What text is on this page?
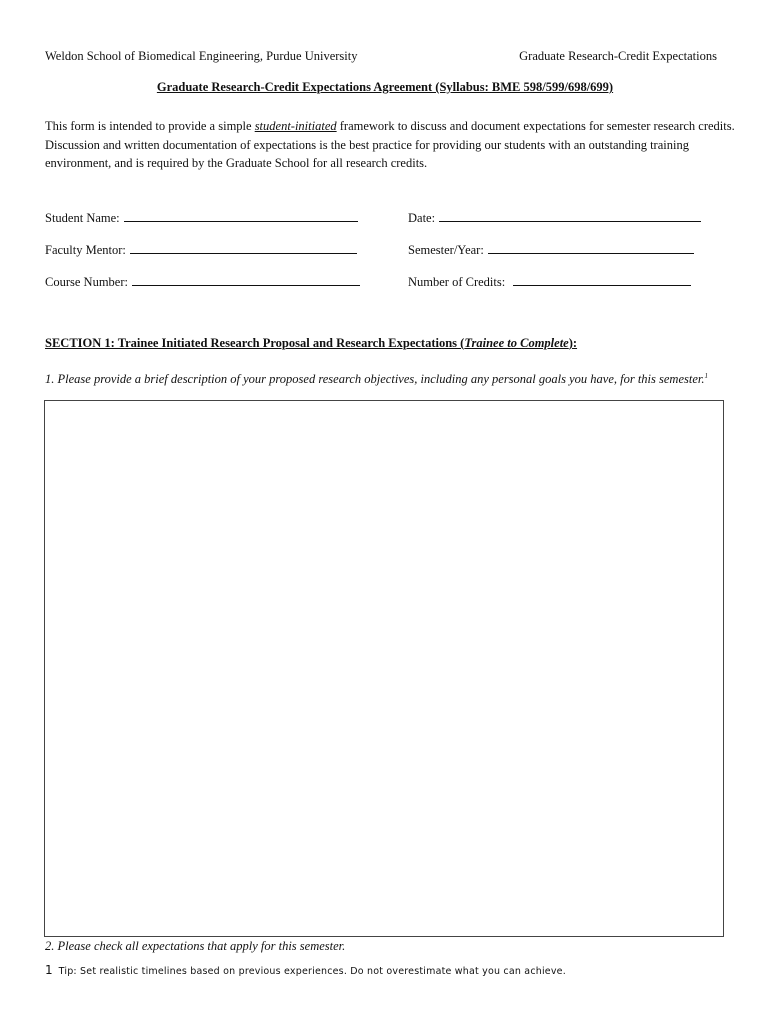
Weldon School of Biomedical Engineering, Purdue University	Graduate Research-Credit Expectations
Graduate Research-Credit Expectations Agreement (Syllabus: BME 598/599/698/699)
This form is intended to provide a simple student-initiated framework to discuss and document expectations for semester research credits. Discussion and written documentation of expectations is the best practice for providing our students with an outstanding training environment, and is required by the Graduate School for all research credits.
Student Name:	Date:
Faculty Mentor:	Semester/Year:
Course Number:	Number of Credits:
SECTION 1: Trainee Initiated Research Proposal and Research Expectations (Trainee to Complete):
1. Please provide a brief description of your proposed research objectives, including any personal goals you have, for this semester.$^1$
2. Please check all expectations that apply for this semester.
1 Tip: Set realistic timelines based on previous experiences. Do not overestimate what you can achieve.
